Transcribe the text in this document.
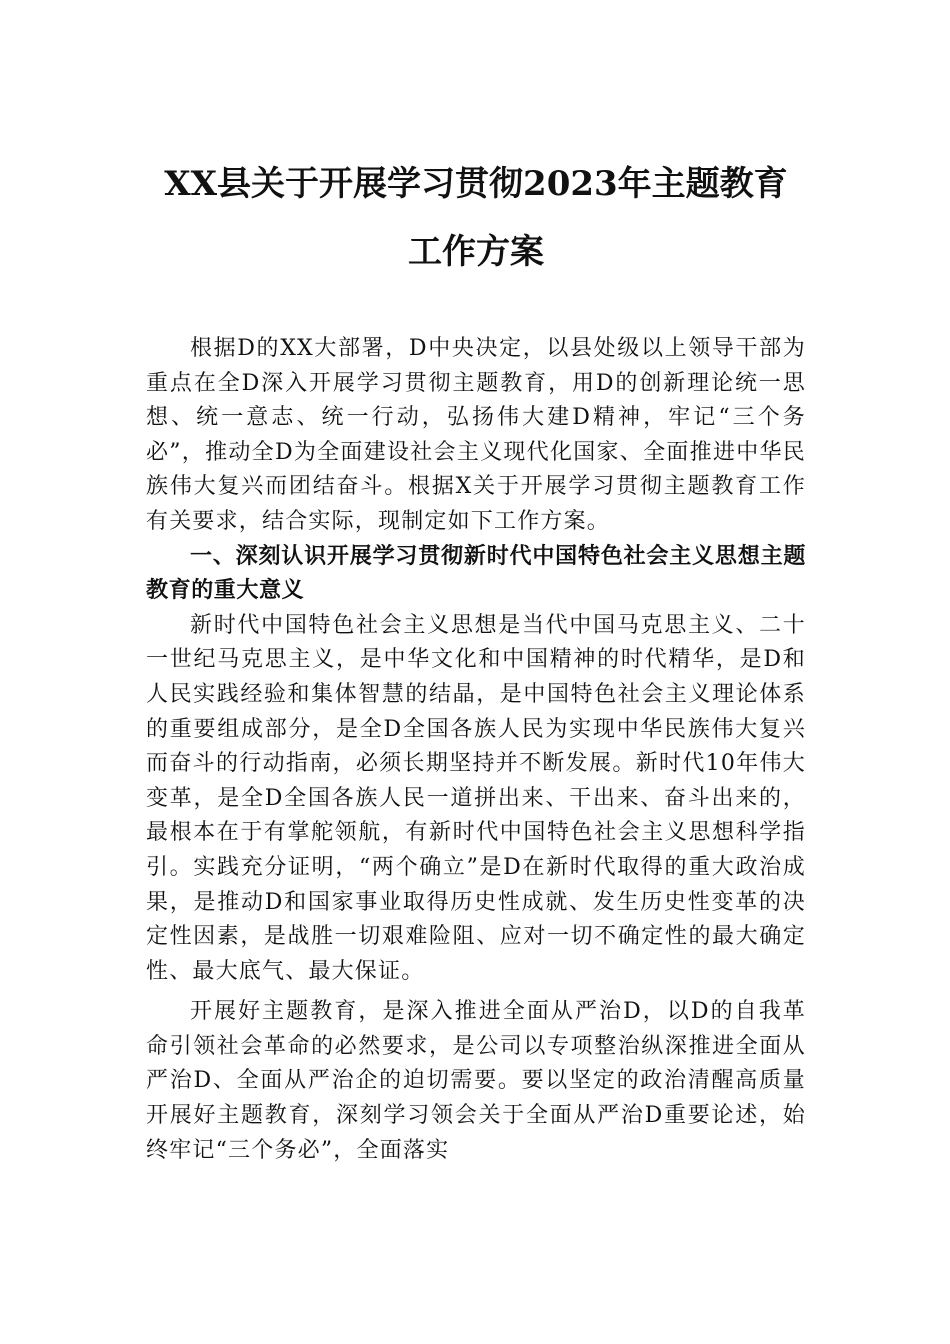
XX县关于开展学习贯彻2023年主题教育
工作方案

根据D的XX大部署，D中央决定，以县处级以上领导干部为重点在全D深入开展学习贯彻主题教育，用D的创新理论统一思想、统一意志、统一行动，弘扬伟大建D精神，牢记“三个务必”，推动全D为全面建设社会主义现代化国家、全面推进中华民族伟大复兴而团结奋斗。根据X关于开展学习贯彻主题教育工作有关要求，结合实际，现制定如下工作方案。

一、深刻认识开展学习贯彻新时代中国特色社会主义思想主题教育的重大意义

新时代中国特色社会主义思想是当代中国马克思主义、二十一世纪马克思主义，是中华文化和中国精神的时代精华，是D和人民实践经验和集体智慧的结晶，是中国特色社会主义理论体系的重要组成部分，是全D全国各族人民为实现中华民族伟大复兴而奋斗的行动指南，必须长期坚持并不断发展。新时代10年伟大变革，是全D全国各族人民一道拼出来、干出来、奋斗出来的，最根本在于有掌舵领航，有新时代中国特色社会主义思想科学指引。实践充分证明，“两个确立”是D在新时代取得的重大政治成果，是推动D和国家事业取得历史性成就、发生历史性变革的决定性因素，是战胜一切艰难险阻、应对一切不确定性的最大确定性、最大底气、最大保证。

开展好主题教育，是深入推进全面从严治D，以D的自我革命引领社会革命的必然要求，是公司以专项整治纵深推进全面从严治D、全面从严治企的迫切需要。要以坚定的政治清醒高质量开展好主题教育，深刻学习领会关于全面从严治D重要论述，始终牢记“三个务必”，全面落实
